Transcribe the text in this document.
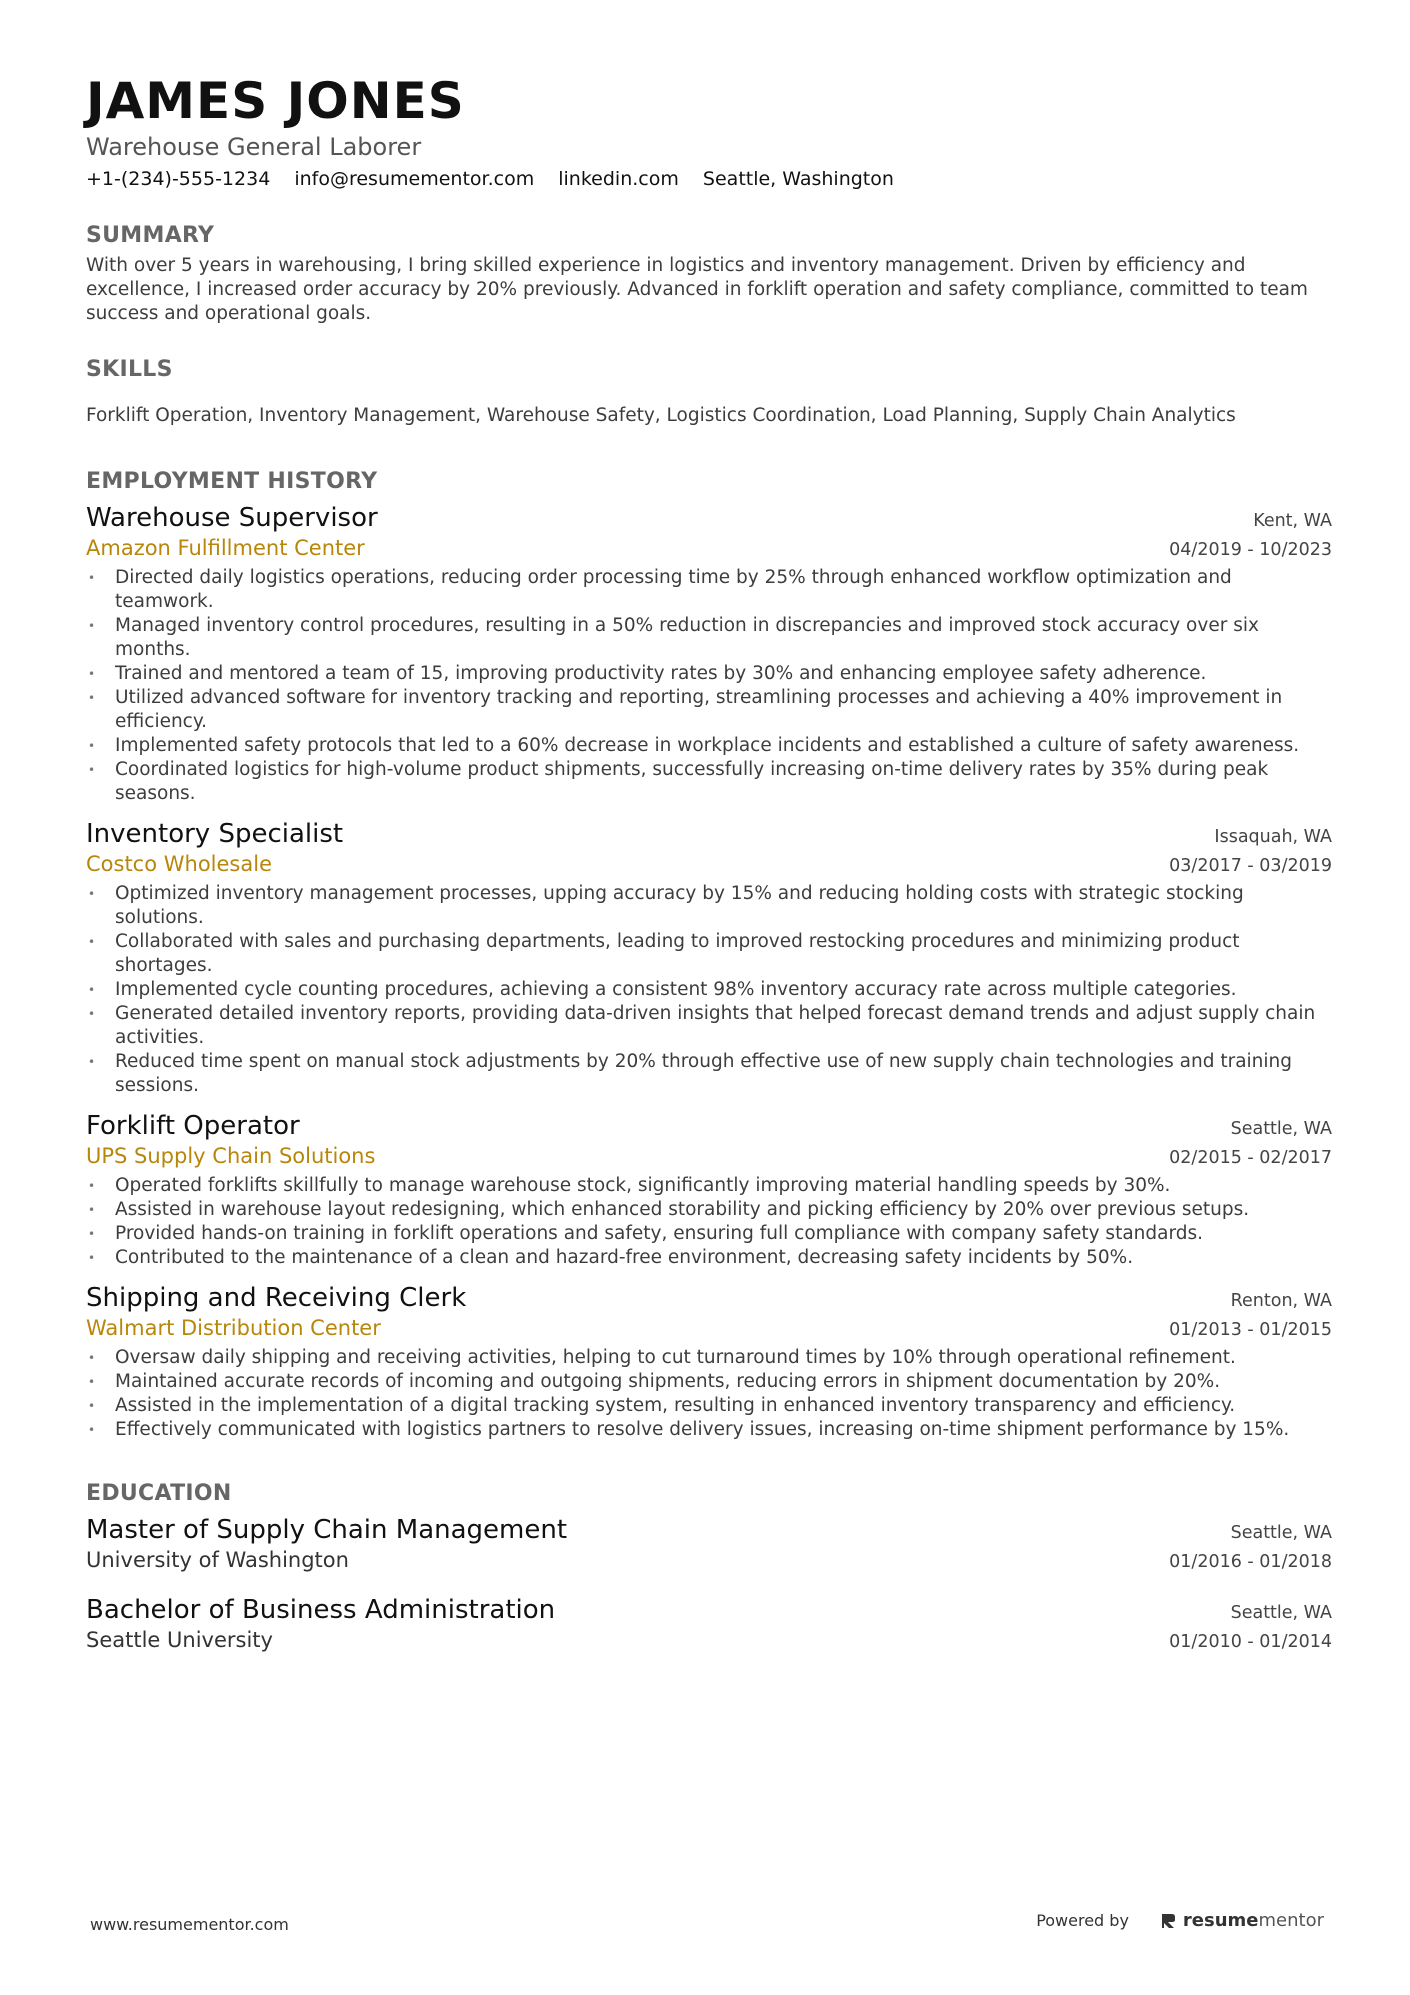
JAMES JONES
Warehouse General Laborer
+1-(234)-555-1234 info@resumementor.com linkedin.com Seattle, Washington
SUMMARY
With over 5 years in warehousing, I bring skilled experience in logistics and inventory management. Driven by efficiency and excellence, I increased order accuracy by 20% previously. Advanced in forklift operation and safety compliance, committed to team success and operational goals.
SKILLS
Forklift Operation, Inventory Management, Warehouse Safety, Logistics Coordination, Load Planning, Supply Chain Analytics
EMPLOYMENT HISTORY
Warehouse Supervisor	Kent, WA
Amazon Fulfillment Center	04/2019 - 10/2023
• Directed daily logistics operations, reducing order processing time by 25% through enhanced workflow optimization and teamwork.
• Managed inventory control procedures, resulting in a 50% reduction in discrepancies and improved stock accuracy over six months.
• Trained and mentored a team of 15, improving productivity rates by 30% and enhancing employee safety adherence.
• Utilized advanced software for inventory tracking and reporting, streamlining processes and achieving a 40% improvement in efficiency.
• Implemented safety protocols that led to a 60% decrease in workplace incidents and established a culture of safety awareness.
• Coordinated logistics for high-volume product shipments, successfully increasing on-time delivery rates by 35% during peak seasons.
Inventory Specialist	Issaquah, WA
Costco Wholesale	03/2017 - 03/2019
• Optimized inventory management processes, upping accuracy by 15% and reducing holding costs with strategic stocking solutions.
• Collaborated with sales and purchasing departments, leading to improved restocking procedures and minimizing product shortages.
• Implemented cycle counting procedures, achieving a consistent 98% inventory accuracy rate across multiple categories.
• Generated detailed inventory reports, providing data-driven insights that helped forecast demand trends and adjust supply chain activities.
• Reduced time spent on manual stock adjustments by 20% through effective use of new supply chain technologies and training sessions.
Forklift Operator	Seattle, WA
UPS Supply Chain Solutions	02/2015 - 02/2017
• Operated forklifts skillfully to manage warehouse stock, significantly improving material handling speeds by 30%.
• Assisted in warehouse layout redesigning, which enhanced storability and picking efficiency by 20% over previous setups.
• Provided hands-on training in forklift operations and safety, ensuring full compliance with company safety standards.
• Contributed to the maintenance of a clean and hazard-free environment, decreasing safety incidents by 50%.
Shipping and Receiving Clerk	Renton, WA
Walmart Distribution Center	01/2013 - 01/2015
• Oversaw daily shipping and receiving activities, helping to cut turnaround times by 10% through operational refinement.
• Maintained accurate records of incoming and outgoing shipments, reducing errors in shipment documentation by 20%.
• Assisted in the implementation of a digital tracking system, resulting in enhanced inventory transparency and efficiency.
• Effectively communicated with logistics partners to resolve delivery issues, increasing on-time shipment performance by 15%.
EDUCATION
Master of Supply Chain Management	Seattle, WA
University of Washington	01/2016 - 01/2018
Bachelor of Business Administration	Seattle, WA
Seattle University	01/2010 - 01/2014
www.resumementor.com	Powered by	resumementor
